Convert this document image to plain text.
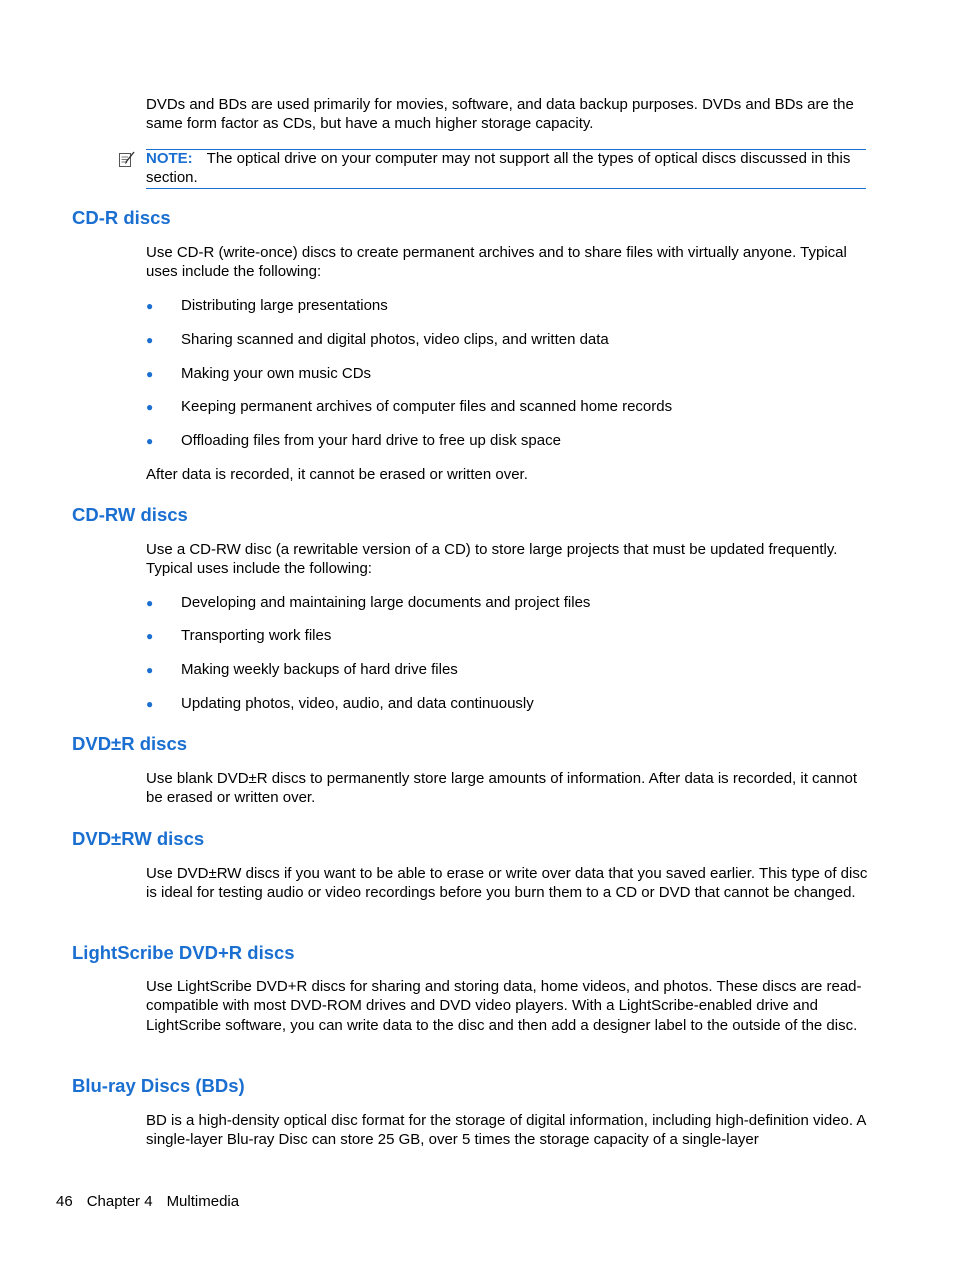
DVDs and BDs are used primarily for movies, software, and data backup purposes. DVDs and BDs are the same form factor as CDs, but have a much higher storage capacity.

NOTE: The optical drive on your computer may not support all the types of optical discs discussed in this section.
CD-R discs

Use CD-R (write-once) discs to create permanent archives and to share files with virtually anyone. Typical uses include the following:

● Distributing large presentations
● Sharing scanned and digital photos, video clips, and written data
● Making your own music CDs
● Keeping permanent archives of computer files and scanned home records
● Offloading files from your hard drive to free up disk space

After data is recorded, it cannot be erased or written over.

CD-RW discs

Use a CD-RW disc (a rewritable version of a CD) to store large projects that must be updated frequently. Typical uses include the following:

● Developing and maintaining large documents and project files
● Transporting work files
● Making weekly backups of hard drive files
● Updating photos, video, audio, and data continuously
DVD±R discs

Use blank DVD±R discs to permanently store large amounts of information. After data is recorded, it cannot be erased or written over.

DVD±RW discs

Use DVD±RW discs if you want to be able to erase or write over data that you saved earlier. This type of disc is ideal for testing audio or video recordings before you burn them to a CD or DVD that cannot be changed.

LightScribe DVD+R discs

Use LightScribe DVD+R discs for sharing and storing data, home videos, and photos. These discs are read-compatible with most DVD-ROM drives and DVD video players. With a LightScribe-enabled drive and LightScribe software, you can write data to the disc and then add a designer label to the outside of the disc.

Blu-ray Discs (BDs)

BD is a high-density optical disc format for the storage of digital information, including high-definition video. A single-layer Blu-ray Disc can store 25 GB, over 5 times the storage capacity of a single-layer

46 Chapter 4 Multimedia
